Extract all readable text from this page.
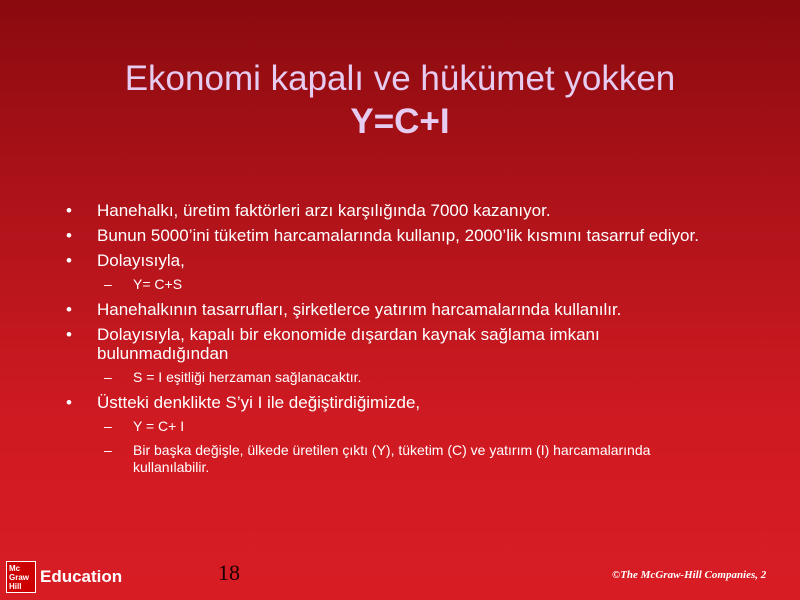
Ekonomi kapalı ve hükümet yokken
Y=C+I
• Hanehalkı, üretim faktörleri arzı karşılığında 7000 kazanıyor.
• Bunun 5000’ini tüketim harcamalarında kullanıp, 2000’lik kısmını tasarruf ediyor.
• Dolayısıyla,
– Y= C+S
• Hanehalkının tasarrufları, şirketlerce yatırım harcamalarında kullanılır.
• Dolayısıyla, kapalı bir ekonomide dışardan kaynak sağlama imkanı bulunmadığından
– S = I eşitliği herzaman sağlanacaktır.
• Üstteki denklikte S’yi I ile değiştirdiğimizde,
– Y = C+ I
– Bir başka değişle, ülkede üretilen çıktı (Y), tüketim (C) ve yatırım (I) harcamalarında kullanılabilir.
Mc
Graw
Hill
Education	18	©The McGraw-Hill Companies, 2
